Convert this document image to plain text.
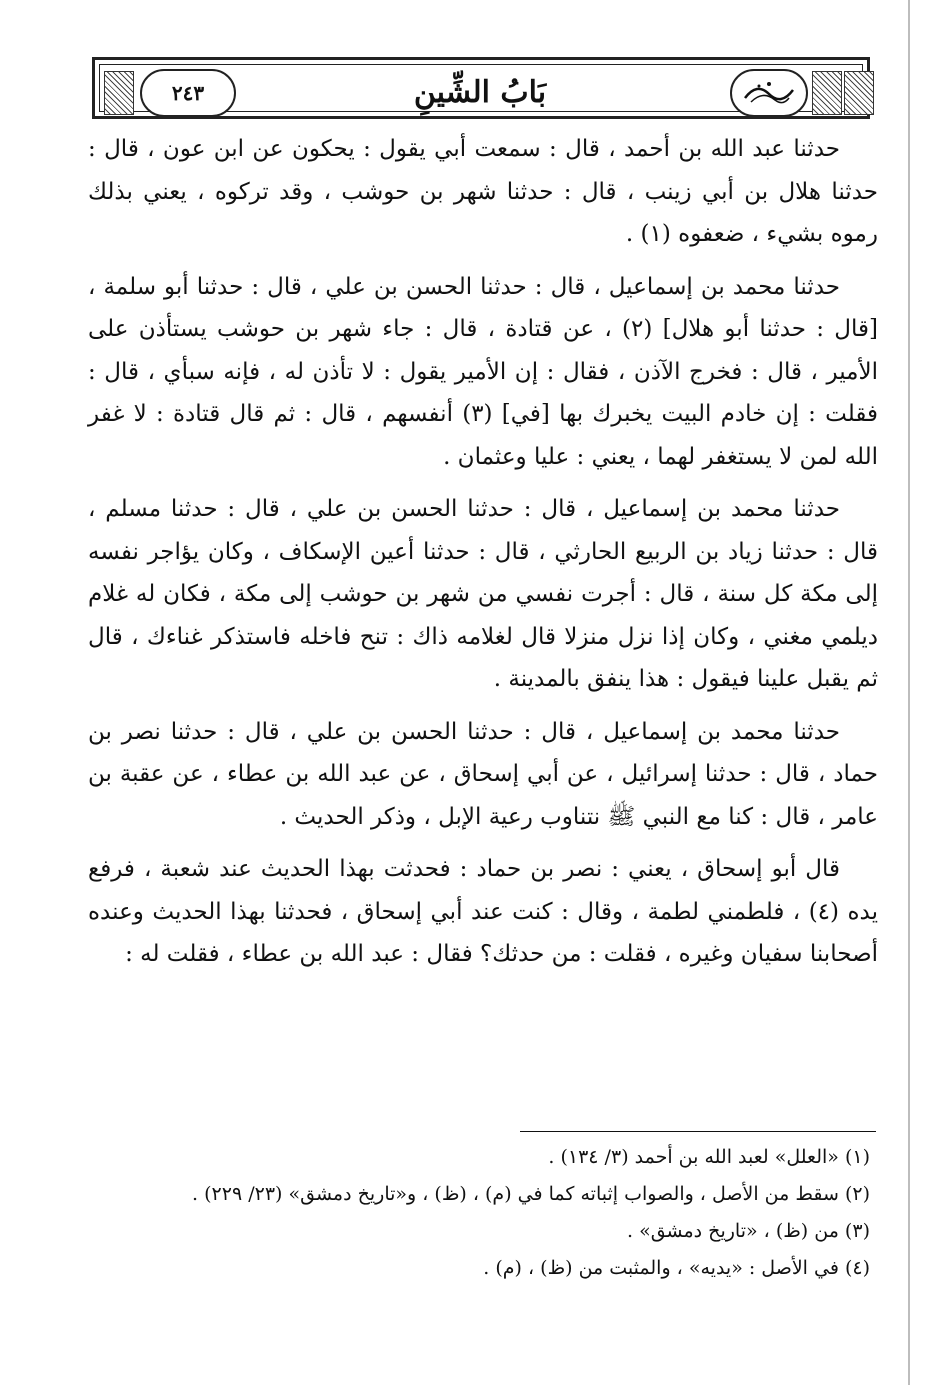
٢٤٣	بَابُ الشِّينِ

حدثنا عبد الله بن أحمد ، قال : سمعت أبي يقول : يحكون عن ابن عون ، قال : حدثنا هلال بن أبي زينب ، قال : حدثنا شهر بن حوشب ، وقد تركوه ، يعني بذلك رموه بشيء ، ضعفوه (١) .

حدثنا محمد بن إسماعيل ، قال : حدثنا الحسن بن علي ، قال : حدثنا أبو سلمة ، [قال : حدثنا أبو هلال] (٢) ، عن قتادة ، قال : جاء شهر بن حوشب يستأذن على الأمير ، قال : فخرج الآذن ، فقال : إن الأمير يقول : لا تأذن له ، فإنه سبأي ، قال : فقلت : إن خادم البيت يخبرك بها [في] (٣) أنفسهم ، قال : ثم قال قتادة : لا غفر الله لمن لا يستغفر لهما ، يعني : عليا وعثمان .

حدثنا محمد بن إسماعيل ، قال : حدثنا الحسن بن علي ، قال : حدثنا مسلم ، قال : حدثنا زياد بن الربيع الحارثي ، قال : حدثنا أعين الإسكاف ، وكان يؤاجر نفسه إلى مكة كل سنة ، قال : أجرت نفسي من شهر بن حوشب إلى مكة ، فكان له غلام ديلمي مغني ، وكان إذا نزل منزلا قال لغلامه ذاك : تنح فاخله فاستذكر غناءك ، قال ثم يقبل علينا فيقول : هذا ينفق بالمدينة .

حدثنا محمد بن إسماعيل ، قال : حدثنا الحسن بن علي ، قال : حدثنا نصر بن حماد ، قال : حدثنا إسرائيل ، عن أبي إسحاق ، عن عبد الله بن عطاء ، عن عقبة بن عامر ، قال : كنا مع النبي ﷺ نتناوب رعية الإبل ، وذكر الحديث .

قال أبو إسحاق ، يعني : نصر بن حماد : فحدثت بهذا الحديث عند شعبة ، فرفع يده (٤) ، فلطمني لطمة ، وقال : كنت عند أبي إسحاق ، فحدثنا بهذا الحديث وعنده أصحابنا سفيان وغيره ، فقلت : من حدثك؟ فقال : عبد الله بن عطاء ، فقلت له :

(١) «العلل» لعبد الله بن أحمد (٣/ ١٣٤) .

(٢) سقط من الأصل ، والصواب إثباته كما في (م) ، (ظ) ، و«تاريخ دمشق» (٢٣/ ٢٢٩) .

(٣) من (ظ) ، «تاريخ دمشق» .

(٤) في الأصل : «يديه» ، والمثبت من (ظ) ، (م) .
